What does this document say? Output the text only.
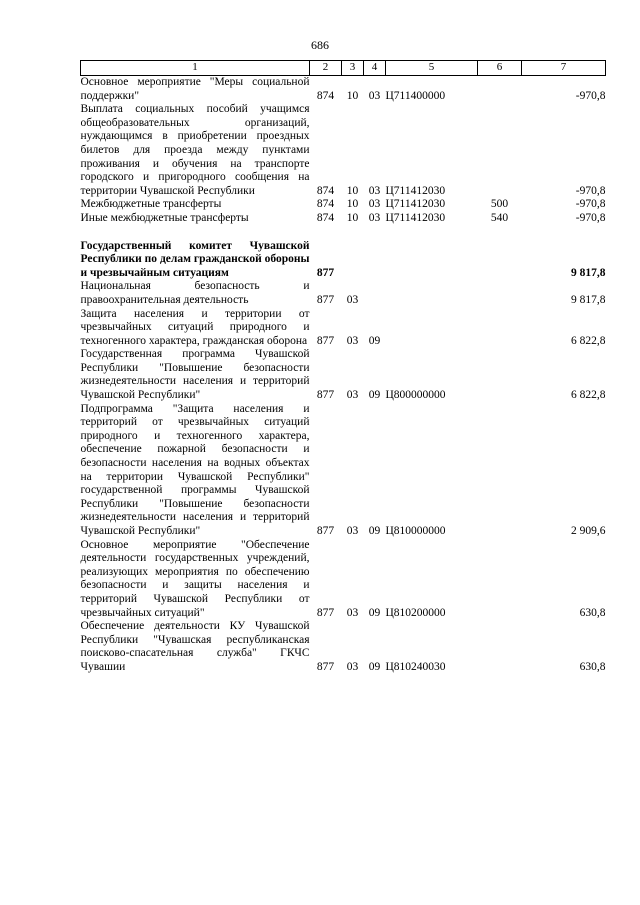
686
1	2	3	4	5	6	7
Основное мероприятие "Меры социальной поддержки"	874	10	03	Ц711400000		-970,8
Выплата социальных пособий учащимся общеобразовательных организаций, нуждающимся в приобретении проездных билетов для проезда между пунктами проживания и обучения на транспорте городского и пригородного сообщения на территории Чувашской Республики	874	10	03	Ц711412030		-970,8
Межбюджетные трансферты	874	10	03	Ц711412030	500	-970,8
Иные межбюджетные трансферты	874	10	03	Ц711412030	540	-970,8

Государственный комитет Чувашской Республики по делам гражданской обороны и чрезвычайным ситуациям	877					9 817,8
Национальная безопасность и правоохранительная деятельность	877	03				9 817,8
Защита населения и территории от чрезвычайных ситуаций природного и техногенного характера, гражданская оборона	877	03	09			6 822,8
Государственная программа Чувашской Республики "Повышение безопасности жизнедеятельности населения и территорий Чувашской Республики"	877	03	09	Ц800000000		6 822,8
Подпрограмма "Защита населения и территорий от чрезвычайных ситуаций природного и техногенного характера, обеспечение пожарной безопасности и безопасности населения на водных объектах на территории Чувашской Республики" государственной программы Чувашской Республики "Повышение безопасности жизнедеятельности населения и территорий Чувашской Республики"	877	03	09	Ц810000000		2 909,6
Основное мероприятие "Обеспечение деятельности государственных учреждений, реализующих мероприятия по обеспечению безопасности и защиты населения и территорий Чувашской Республики от чрезвычайных ситуаций"	877	03	09	Ц810200000		630,8
Обеспечение деятельности КУ Чувашской Республики "Чувашская республиканская поисково-спасательная служба" ГКЧС Чувашии	877	03	09	Ц810240030		630,8
